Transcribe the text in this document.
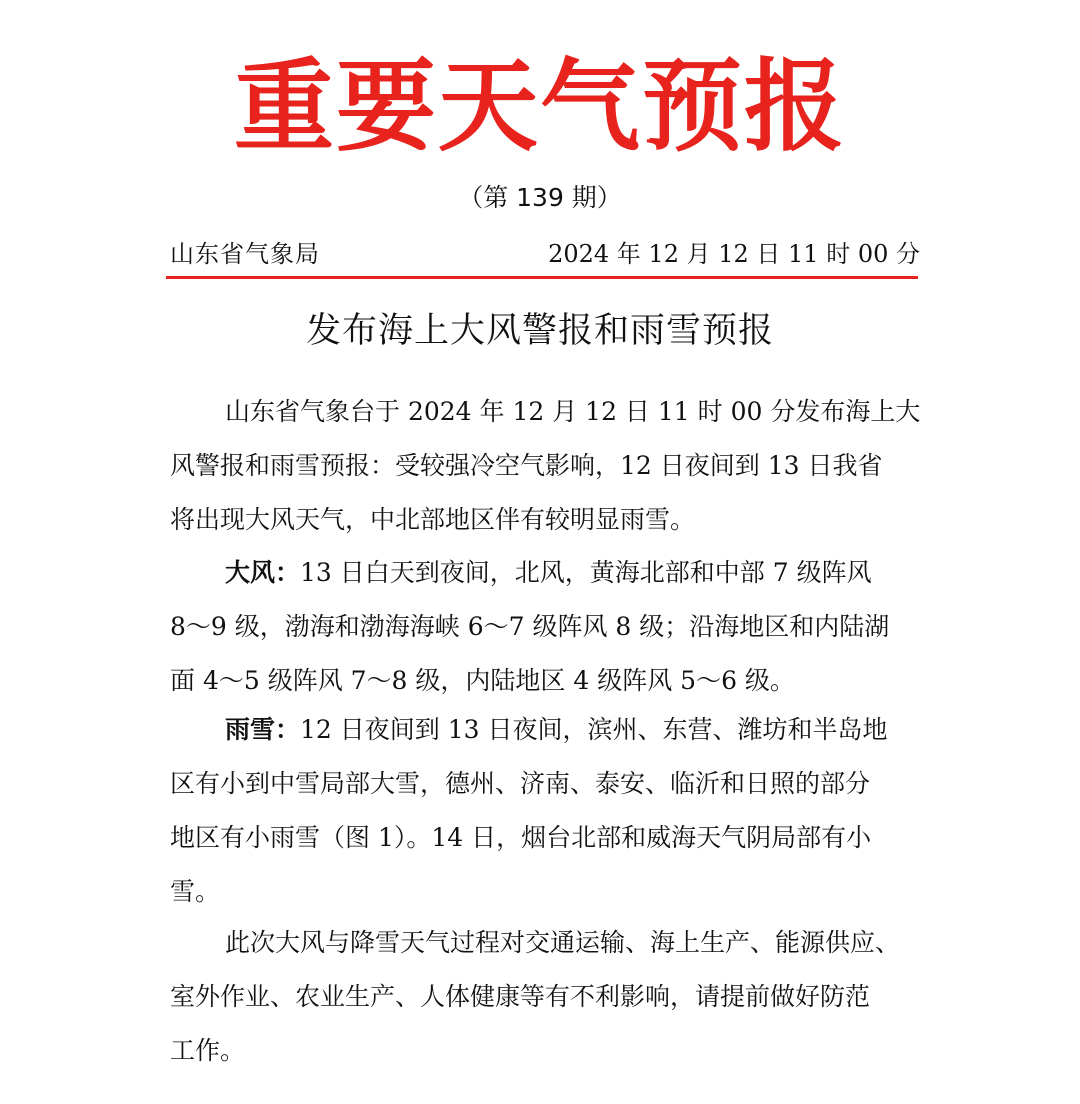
重要天气预报
（第 139 期）
山东省气象局	2024 年 12 月 12 日 11 时 00 分
发布海上大风警报和雨雪预报
山东省气象台于 2024 年 12 月 12 日 11 时 00 分发布海上大
风警报和雨雪预报：受较强冷空气影响，12 日夜间到 13 日我省
将出现大风天气，中北部地区伴有较明显雨雪。
大风：13 日白天到夜间，北风，黄海北部和中部 7 级阵风
8～9 级，渤海和渤海海峡 6～7 级阵风 8 级；沿海地区和内陆湖
面 4～5 级阵风 7～8 级，内陆地区 4 级阵风 5～6 级。
雨雪：12 日夜间到 13 日夜间，滨州、东营、潍坊和半岛地
区有小到中雪局部大雪，德州、济南、泰安、临沂和日照的部分
地区有小雨雪（图 1）。14 日，烟台北部和威海天气阴局部有小
雪。
此次大风与降雪天气过程对交通运输、海上生产、能源供应、
室外作业、农业生产、人体健康等有不利影响，请提前做好防范
工作。
